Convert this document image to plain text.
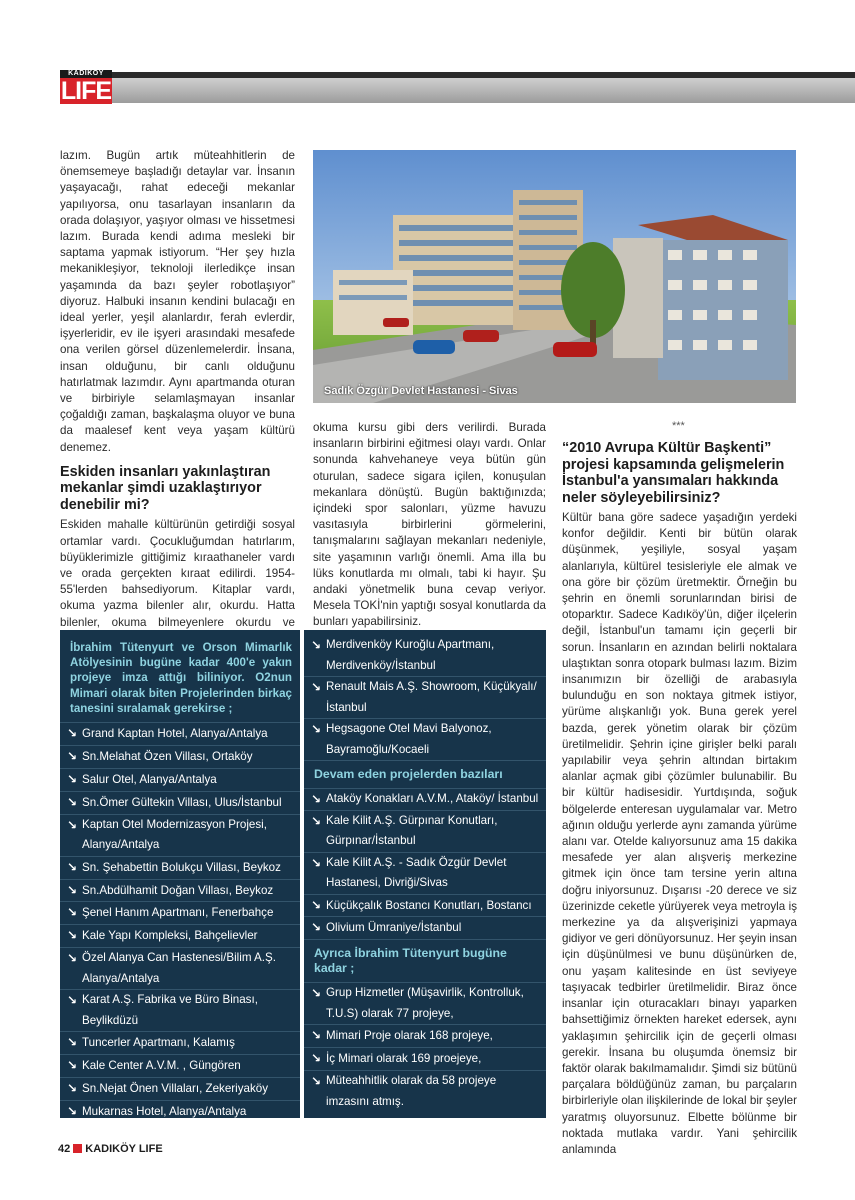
KADIKÖY
LIFE

lazım. Bugün artık müteahhitlerin de önemsemeye başladığı detaylar var. İnsanın yaşayacağı, rahat edeceği mekanlar yapılıyorsa, onu tasarlayan insanların da orada dolaşıyor, yaşıyor olması ve hissetmesi lazım. Burada kendi adıma mesleki bir saptama yapmak istiyorum. “Her şey hızla mekanikleşiyor, teknoloji ilerledikçe insan yaşamında da bazı şeyler robotlaşıyor” diyoruz. Halbuki insanın kendini bulacağı en ideal yerler, yeşil alanlardır, ferah evlerdir, işyerleridir, ev ile işyeri arasındaki mesafede ona verilen görsel düzenlemelerdir. İnsana, insan olduğunu, bir canlı olduğunu hatırlatmak lazımdır. Aynı apartmanda oturan ve birbiriyle selamlaşmayan insanlar çoğaldığı zaman, başkalaşma oluyor ve buna da maalesef kent veya yaşam kültürü denemez.

Eskiden insanları yakınlaştıran mekanlar şimdi uzaklaştırıyor denebilir mi?

Eskiden mahalle kültürünün getirdiği sosyal ortamlar vardı. Çocukluğumdan hatırlarım, büyüklerimizle gittiğimiz kıraathaneler vardı ve orada gerçekten kıraat edilirdi. 1954-55'lerden bahsediyorum. Kitaplar vardı, okuma yazma bilenler alır, okurdu. Hatta bilenler, okuma bilmeyenlere okurdu ve

Sadık Özgür Devlet Hastanesi - Sivas

okuma kursu gibi ders verilirdi. Burada insanların birbirini eğitmesi olayı vardı. Onlar sonunda kahvehaneye veya bütün gün oturulan, sadece sigara içilen, konuşulan mekanlara dönüştü. Bugün baktığınızda; içindeki spor salonları, yüzme havuzu vasıtasıyla birbirlerini görmelerini, tanışmalarını sağlayan mekanları nedeniyle, site yaşamının varlığı önemli. Ama illa bu lüks konutlarda mı olmalı, tabi ki hayır. Şu andaki yönetmelik buna cevap veriyor. Mesela TOKİ'nin yaptığı sosyal konutlarda da bunları yapabilirsiniz.

***
“2010 Avrupa Kültür Başkenti” projesi kapsamında gelişmelerin İstanbul'a yansımaları hakkında neler söyleyebilirsiniz?

Kültür bana göre sadece yaşadığın yerdeki konfor değildir. Kenti bir bütün olarak düşünmek, yeşiliyle, sosyal yaşam alanlarıyla, kültürel tesisleriyle ele almak ve ona göre bir çözüm üretmektir. Örneğin bu şehrin en önemli sorunlarından birisi de otoparktır. Sadece Kadıköy'ün, diğer ilçelerin değil, İstanbul'un tamamı için geçerli bir sorun. İnsanların en azından belirli noktalara ulaştıktan sonra otopark bulması lazım. Bizim insanımızın bir özelliği de arabasıyla bulunduğu en son noktaya gitmek istiyor, yürüme alışkanlığı yok. Buna gerek yerel bazda, gerek yönetim olarak bir çözüm üretilmelidir. Şehrin içine girişler belki paralı yapılabilir veya şehrin altından birtakım alanlar açmak gibi çözümler bulunabilir. Bu bir kültür hadisesidir. Yurtdışında, soğuk bölgelerde enteresan uygulamalar var. Metro ağının olduğu yerlerde aynı zamanda yürüme alanı var. Otelde kalıyorsunuz ama 15 dakika mesafede yer alan alışveriş merkezine gitmek için önce tam tersine yerin altına doğru iniyorsunuz. Dışarısı -20 derece ve siz üzerinizde ceketle yürüyerek veya metroyla iş merkezine ya da alışverişinizi yapmaya gidiyor ve geri dönüyorsunuz. Her şeyin insan için düşünülmesi ve bunu düşünürken de, onu yaşam kalitesinde en üst seviyeye taşıyacak tedbirler üretilmelidir. Biraz önce insanlar için oturacakları binayı yaparken bahsettiğimiz örnekten hareket edersek, aynı yaklaşımın şehircilik için de geçerli olması gerekir. İnsana bu oluşumda önemsiz bir faktör olarak bakılmamalıdır. Şimdi siz bütünü parçalara böldüğünüz zaman, bu parçaların birbirleriyle olan ilişkilerinde de lokal bir şeyler yaratmış oluyorsunuz. Elbette bölünme bir noktada mutlaka vardır. Yani şehircilik anlamında

İbrahim Tütenyurt ve Orson Mimarlık Atölyesinin bugüne kadar 400'e yakın projeye imza attığı biliniyor. O2nun Mimari olarak biten Projelerinden birkaç tanesini sıralamak gerekirse ;
↘ Grand Kaptan Hotel, Alanya/Antalya
↘ Sn.Melahat Özen Villası, Ortaköy
↘ Salur Otel, Alanya/Antalya
↘ Sn.Ömer Gültekin Villası, Ulus/İstanbul
↘ Kaptan Otel Modernizasyon Projesi, Alanya/Antalya
↘ Sn. Şehabettin Bolukçu Villası, Beykoz
↘ Sn.Abdülhamit Doğan Villası, Beykoz
↘ Şenel Hanım Apartmanı, Fenerbahçe
↘ Kale Yapı Kompleksi, Bahçelievler
↘ Özel Alanya Can Hastenesi/Bilim A.Ş. Alanya/Antalya
↘ Karat A.Ş. Fabrika ve Büro Binası, Beylikdüzü
↘ Tuncerler Apartmanı, Kalamış
↘ Kale Center A.V.M. , Güngören
↘ Sn.Nejat Önen Villaları, Zekeriyaköy
↘ Mukarnas Hotel, Alanya/Antalya
↘ Merdivenköy Kuroğlu Apartmanı, Merdivenköy/İstanbul
↘ Renault Mais A.Ş. Showroom, Küçükyalı/İstanbul
↘ Hegsagone Otel Mavi Balyonoz, Bayramoğlu/Kocaeli
Devam eden projelerden bazıları
↘ Ataköy Konakları A.V.M., Ataköy/ İstanbul
↘ Kale Kilit A.Ş. Gürpınar Konutları, Gürpınar/İstanbul
↘ Kale Kilit A.Ş. - Sadık Özgür Devlet Hastanesi, Divriği/Sivas
↘ Küçükçalık Bostancı Konutları, Bostancı
↘ Olivium Ümraniye/İstanbul
Ayrıca İbrahim Tütenyurt bugüne kadar ;
↘ Grup Hizmetler (Müşavirlik, Kontrolluk, T.U.S) olarak 77 projeye,
↘ Mimari Proje olarak 168 projeye,
↘ İç Mimari olarak 169 proejeye,
↘ Müteahhitlik olarak da 58 projeye imzasını atmış.
42 KADIKÖY LIFE
